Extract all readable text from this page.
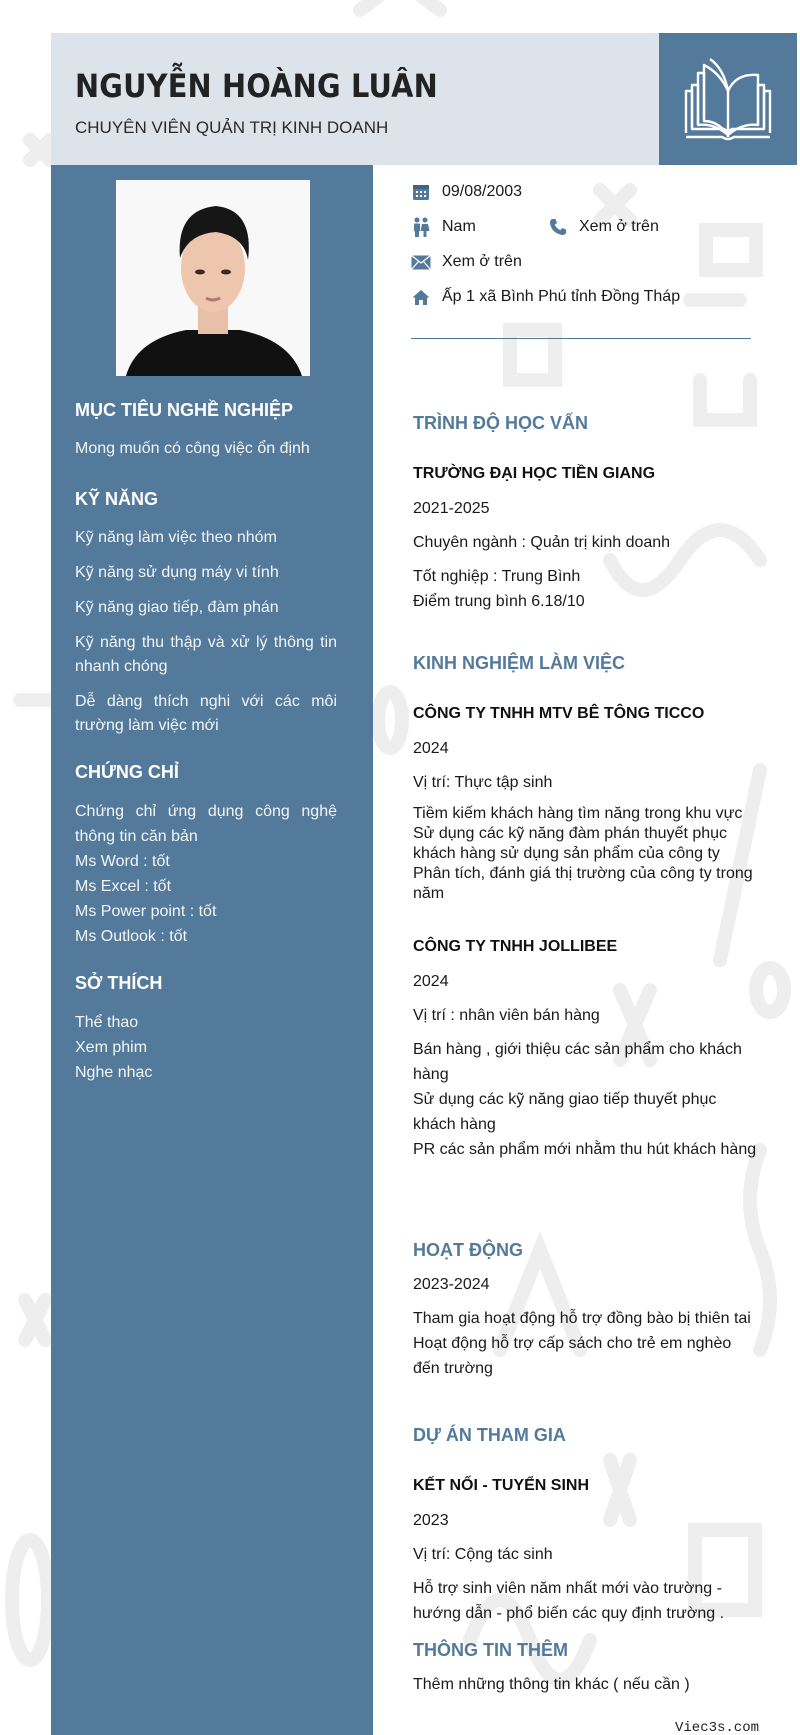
NGUYỄN HOÀNG LUÂN
CHUYÊN VIÊN QUẢN TRỊ KINH DOANH
MỤC TIÊU NGHỀ NGHIỆP
Mong muốn có công việc ổn định
KỸ NĂNG
Kỹ năng làm việc theo nhóm
Kỹ năng sử dụng máy vi tính
Kỹ năng giao tiếp, đàm phán
Kỹ năng thu thập và xử lý thông tin nhanh chóng
Dễ dàng thích nghi với các môi trường làm việc mới
CHỨNG CHỈ
Chứng chỉ ứng dụng công nghệ thông tin căn bản
Ms Word : tốt
Ms Excel : tốt
Ms Power point : tốt
Ms Outlook : tốt
SỞ THÍCH
Thể thao
Xem phim
Nghe nhạc
09/08/2003
Nam	Xem ở trên
Xem ở trên
Ấp 1 xã Bình Phú tỉnh Đồng Tháp
TRÌNH ĐỘ HỌC VẤN
TRƯỜNG ĐẠI HỌC TIỀN GIANG
2021-2025
Chuyên ngành : Quản trị kinh doanh
Tốt nghiệp : Trung Bình
Điểm trung bình 6.18/10
KINH NGHIỆM LÀM VIỆC
CÔNG TY TNHH MTV BÊ TÔNG TICCO
2024
Vị trí: Thực tập sinh
Tiềm kiếm khách hàng tìm năng trong khu vực
Sử dụng các kỹ năng đàm phán thuyết phục khách hàng sử dụng sản phẩm của công ty
Phân tích, đánh giá thị trường của công ty trong năm
CÔNG TY TNHH JOLLIBEE
2024
Vị trí : nhân viên bán hàng
Bán hàng , giới thiệu các sản phẩm cho khách hàng
Sử dụng các kỹ năng giao tiếp thuyết phục khách hàng
PR các sản phẩm mới nhằm thu hút khách hàng
HOẠT ĐỘNG
2023-2024
Tham gia hoạt động hỗ trợ đồng bào bị thiên tai
Hoạt động hỗ trợ cấp sách cho trẻ em nghèo đến trường
DỰ ÁN THAM GIA
KẾT NỐI - TUYỂN SINH
2023
Vị trí: Cộng tác sinh
Hỗ trợ sinh viên năm nhất mới vào trường - hướng dẫn - phổ biến các quy định trường .
THÔNG TIN THÊM
Thêm những thông tin khác ( nếu cần )
Viec3s.com
